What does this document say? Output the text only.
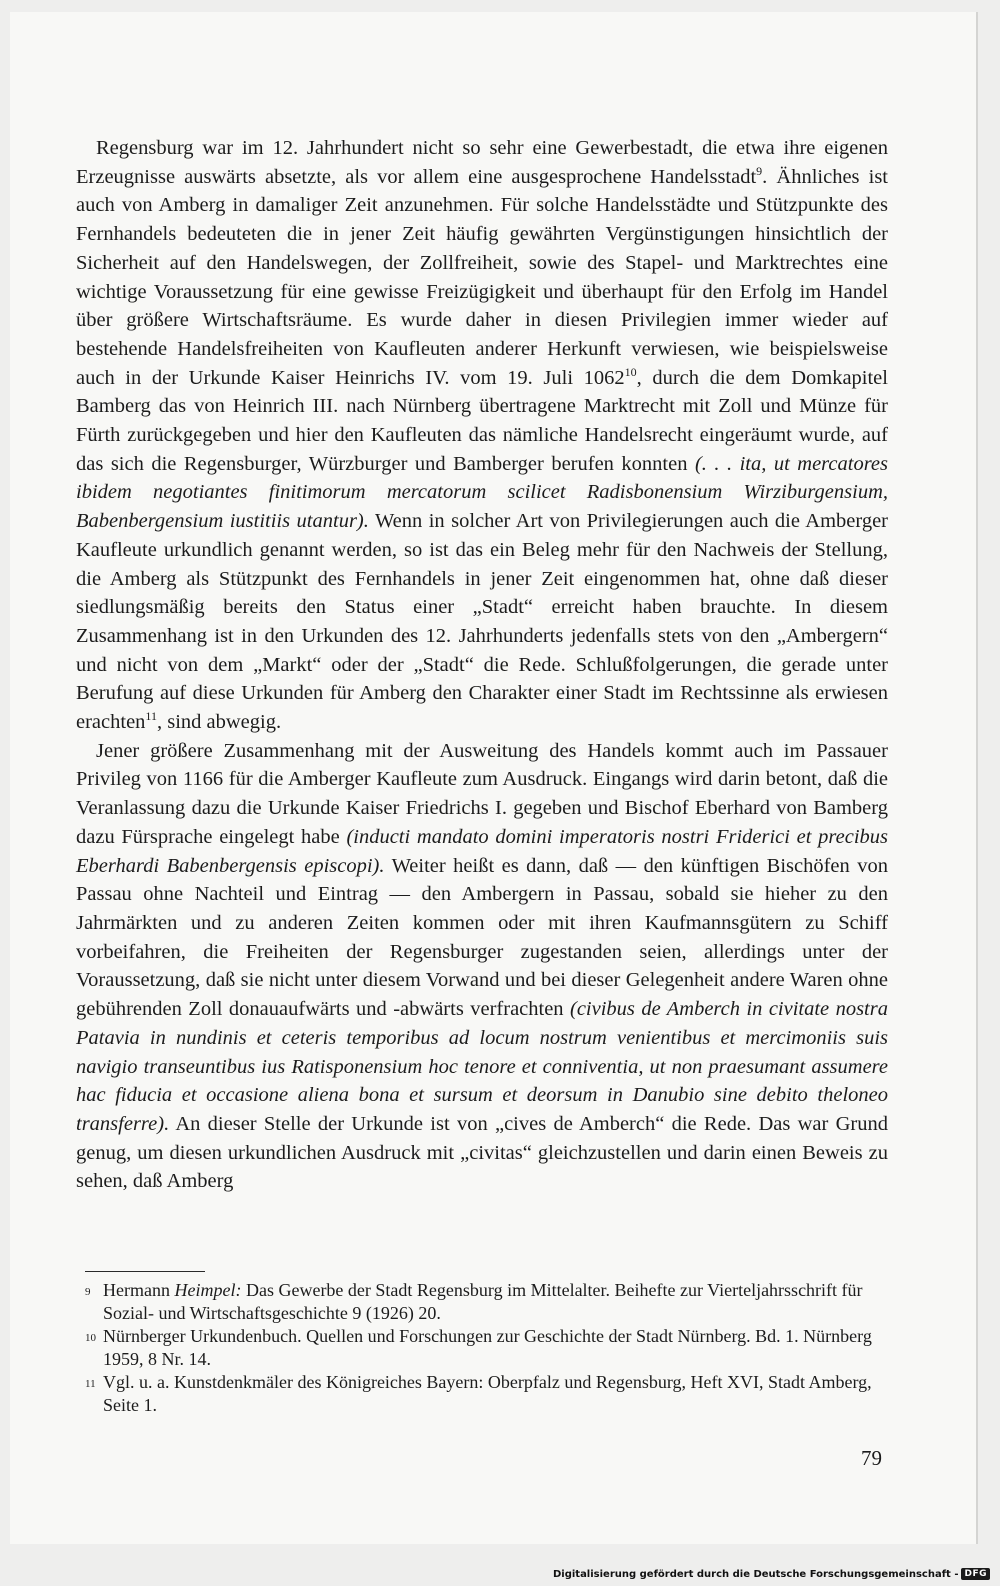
Regensburg war im 12. Jahrhundert nicht so sehr eine Gewerbestadt, die etwa ihre eigenen Erzeugnisse auswärts absetzte, als vor allem eine ausgesprochene Handelsstadt$^9$. Ähnliches ist auch von Amberg in damaliger Zeit anzunehmen. Für solche Handelsstädte und Stützpunkte des Fernhandels bedeuteten die in jener Zeit häufig gewährten Vergünstigungen hinsichtlich der Sicherheit auf den Handelswegen, der Zollfreiheit, sowie des Stapel- und Marktrechtes eine wichtige Voraussetzung für eine gewisse Freizügigkeit und überhaupt für den Erfolg im Handel über größere Wirtschaftsräume. Es wurde daher in diesen Privilegien immer wieder auf bestehende Handelsfreiheiten von Kaufleuten anderer Herkunft verwiesen, wie beispielsweise auch in der Urkunde Kaiser Heinrichs IV. vom 19. Juli 1062$^{10}$, durch die dem Domkapitel Bamberg das von Heinrich III. nach Nürnberg übertragene Marktrecht mit Zoll und Münze für Fürth zurückgegeben und hier den Kaufleuten das nämliche Handelsrecht eingeräumt wurde, auf das sich die Regensburger, Würzburger und Bamberger berufen konnten (. . . ita, ut mercatores ibidem negotiantes finitimorum mercatorum scilicet Radisbonensium Wirziburgensium, Babenbergensium iustitiis utantur). Wenn in solcher Art von Privilegierungen auch die Amberger Kaufleute urkundlich genannt werden, so ist das ein Beleg mehr für den Nachweis der Stellung, die Amberg als Stützpunkt des Fernhandels in jener Zeit eingenommen hat, ohne daß dieser siedlungsmäßig bereits den Status einer „Stadt“ erreicht haben brauchte. In diesem Zusammenhang ist in den Urkunden des 12. Jahrhunderts jedenfalls stets von den „Ambergern“ und nicht von dem „Markt“ oder der „Stadt“ die Rede. Schlußfolgerungen, die gerade unter Berufung auf diese Urkunden für Amberg den Charakter einer Stadt im Rechtssinne als erwiesen erachten$^{11}$, sind abwegig.

Jener größere Zusammenhang mit der Ausweitung des Handels kommt auch im Passauer Privileg von 1166 für die Amberger Kaufleute zum Ausdruck. Eingangs wird darin betont, daß die Veranlassung dazu die Urkunde Kaiser Friedrichs I. gegeben und Bischof Eberhard von Bamberg dazu Fürsprache eingelegt habe (inducti mandato domini imperatoris nostri Friderici et precibus Eberhardi Babenbergensis episcopi). Weiter heißt es dann, daß — den künftigen Bischöfen von Passau ohne Nachteil und Eintrag — den Ambergern in Passau, sobald sie hieher zu den Jahrmärkten und zu anderen Zeiten kommen oder mit ihren Kaufmannsgütern zu Schiff vorbeifahren, die Freiheiten der Regensburger zugestanden seien, allerdings unter der Voraussetzung, daß sie nicht unter diesem Vorwand und bei dieser Gelegenheit andere Waren ohne gebührenden Zoll donauaufwärts und -abwärts verfrachten (civibus de Amberch in civitate nostra Patavia in nundinis et ceteris temporibus ad locum nostrum venientibus et mercimoniis suis navigio transeuntibus ius Ratisponensium hoc tenore et conniventia, ut non praesumant assumere hac fiducia et occasione aliena bona et sursum et deorsum in Danubio sine debito theloneo transferre). An dieser Stelle der Urkunde ist von „cives de Amberch“ die Rede. Das war Grund genug, um diesen urkundlichen Ausdruck mit „civitas“ gleichzustellen und darin einen Beweis zu sehen, daß Amberg

9 Hermann Heimpel: Das Gewerbe der Stadt Regensburg im Mittelalter. Beihefte zur Vierteljahrsschrift für Sozial- und Wirtschaftsgeschichte 9 (1926) 20.
10 Nürnberger Urkundenbuch. Quellen und Forschungen zur Geschichte der Stadt Nürnberg. Bd. 1. Nürnberg 1959, 8 Nr. 14.
11 Vgl. u. a. Kunstdenkmäler des Königreiches Bayern: Oberpfalz und Regensburg, Heft XVI, Stadt Amberg, Seite 1.
79
Digitalisierung gefördert durch die Deutsche Forschungsgemeinschaft - DFG
